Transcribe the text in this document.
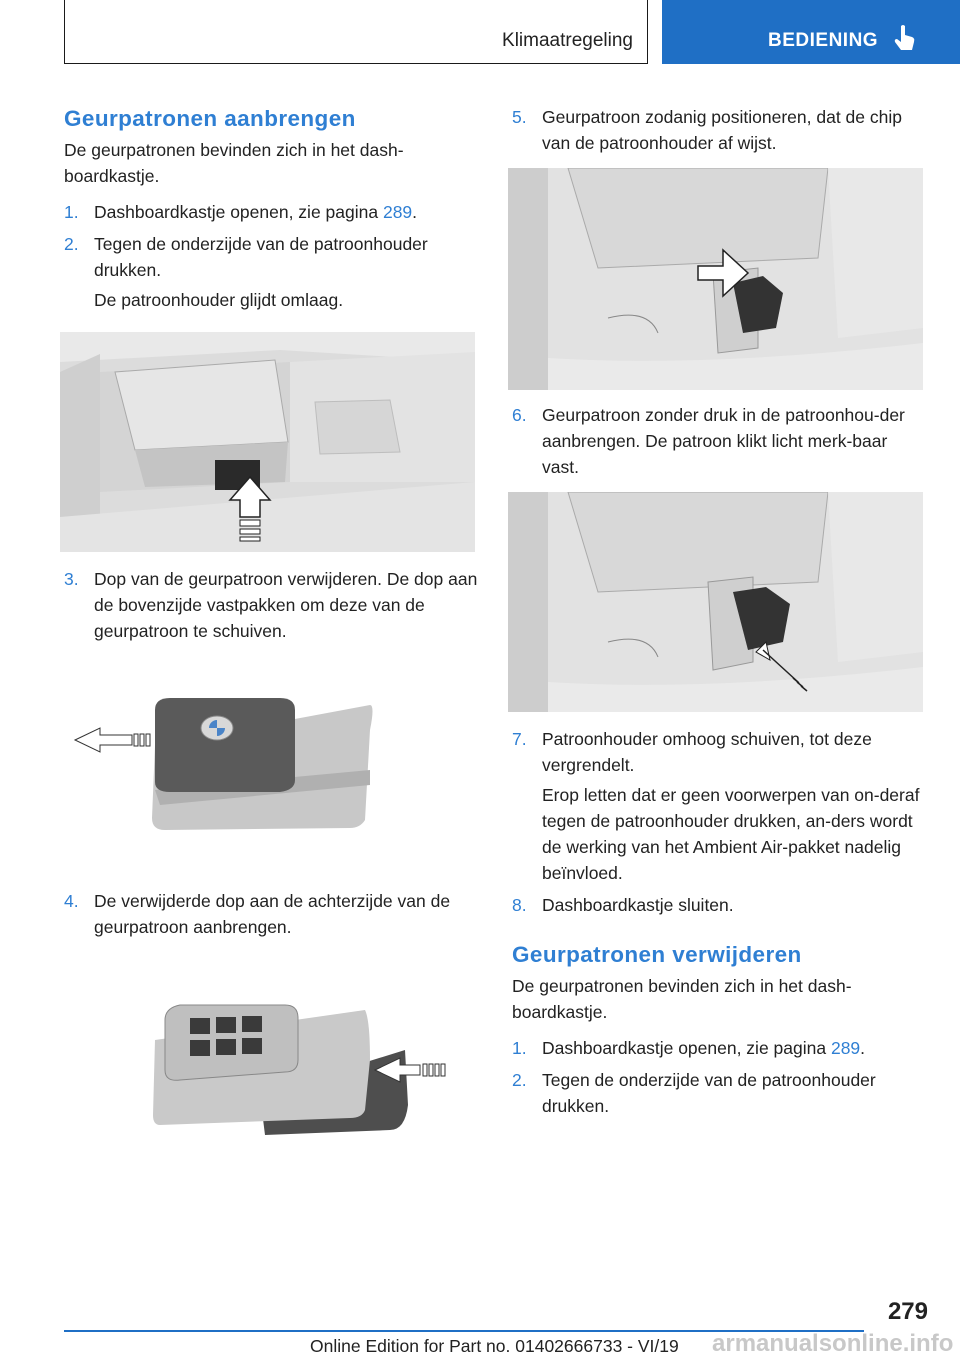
Klimaatregeling	BEDIENING
Geurpatronen aanbrengen

De geurpatronen bevinden zich in het dash-boardkastje.

1. Dashboardkastje openen, zie pagina 289.
2. Tegen de onderzijde van de patroonhouder drukken.
De patroonhouder glijdt omlaag.
3. Dop van de geurpatroon verwijderen. De dop aan de bovenzijde vastpakken om deze van de geurpatroon te schuiven.
4. De verwijderde dop aan de achterzijde van de geurpatroon aanbrengen.
5. Geurpatroon zodanig positioneren, dat de chip van de patroonhouder af wijst.
6. Geurpatroon zonder druk in de patroonhou-der aanbrengen. De patroon klikt licht merk-baar vast.
7. Patroonhouder omhoog schuiven, tot deze vergrendelt.
Erop letten dat er geen voorwerpen van on-deraf tegen de patroonhouder drukken, an-ders wordt de werking van het Ambient Air-pakket nadelig beïnvloed.
8. Dashboardkastje sluiten.
Geurpatronen verwijderen

De geurpatronen bevinden zich in het dash-boardkastje.

1. Dashboardkastje openen, zie pagina 289.
2. Tegen de onderzijde van de patroonhouder drukken.
279
Online Edition for Part no. 01402666733 - VI/19 armanualsonline.info
